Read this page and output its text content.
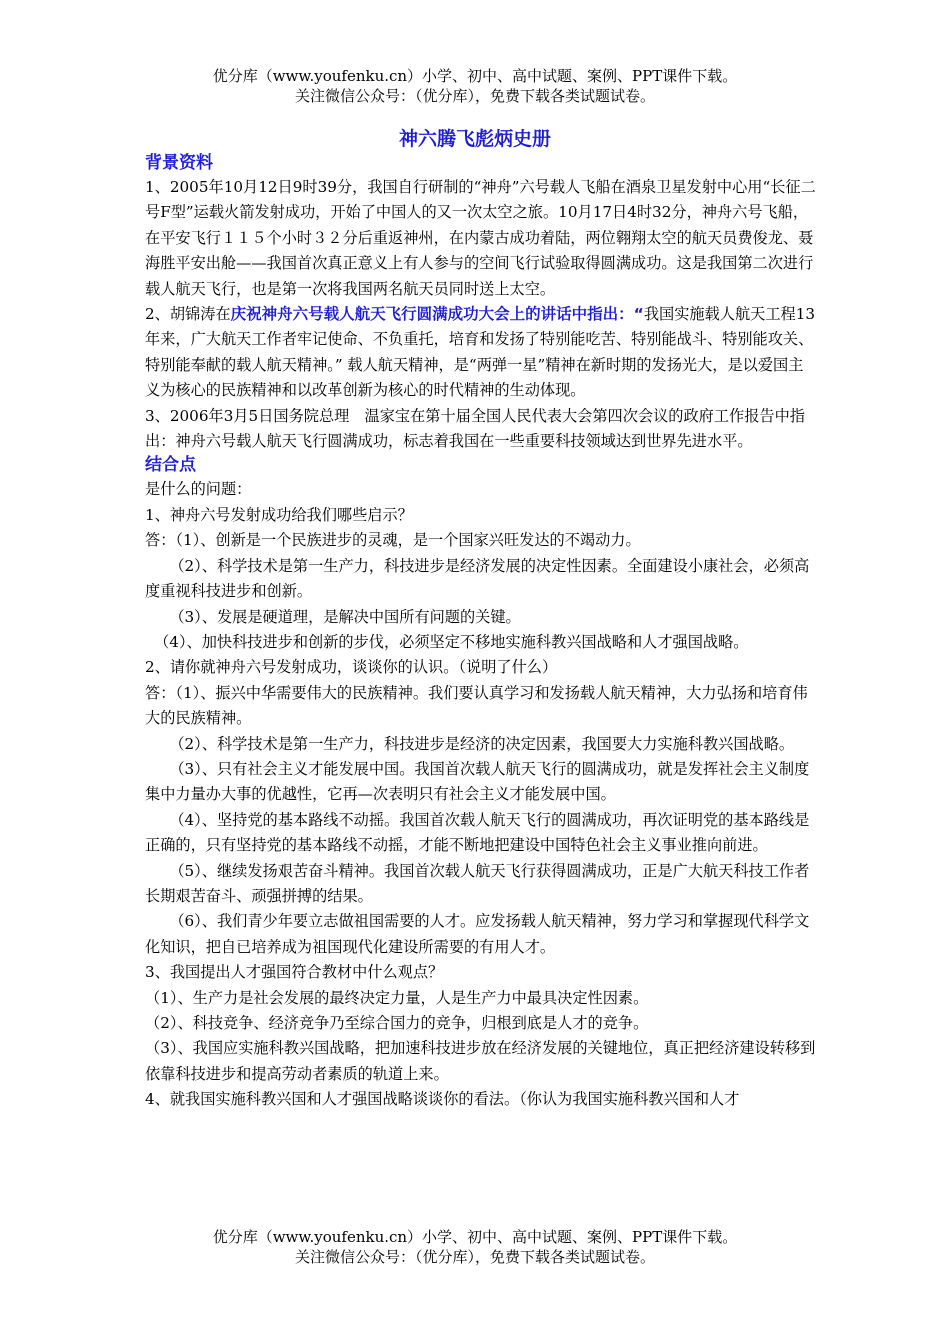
优分库（www.youfenku.cn）小学、初中、高中试题、案例、PPT课件下载。
关注微信公众号：（优分库），免费下载各类试题试卷。
神六腾飞彪炳史册

背景资料

1、2005年10月12日9时39分，我国自行研制的“神舟”六号载人飞船在酒泉卫星发射中心用“长征二号F型”运载火箭发射成功，开始了中国人的又一次太空之旅。10月17日4时32分，神舟六号飞船，在平安飞行１１５个小时３２分后重返神州，在内蒙古成功着陆，两位翱翔太空的航天员费俊龙、聂海胜平安出舱——我国首次真正意义上有人参与的空间飞行试验取得圆满成功。这是我国第二次进行载人航天飞行，也是第一次将我国两名航天员同时送上太空。

2、胡锦涛在庆祝神舟六号载人航天飞行圆满成功大会上的讲话中指出：“我国实施载人航天工程13年来，广大航天工作者牢记使命、不负重托，培育和发扬了特别能吃苦、特别能战斗、特别能攻关、特别能奉献的载人航天精神。” 载人航天精神，是“两弹一星”精神在新时期的发扬光大，是以爱国主义为核心的民族精神和以改革创新为核心的时代精神的生动体现。

3、2006年3月5日国务院总理　温家宝在第十届全国人民代表大会第四次会议的政府工作报告中指出：神舟六号载人航天飞行圆满成功，标志着我国在一些重要科技领域达到世界先进水平。

结合点

是什么的问题：

1、神舟六号发射成功给我们哪些启示？

答：（1）、创新是一个民族进步的灵魂，是一个国家兴旺发达的不竭动力。

（2）、科学技术是第一生产力，科技进步是经济发展的决定性因素。全面建设小康社会，必须高度重视科技进步和创新。

（3）、发展是硬道理，是解决中国所有问题的关键。

（4）、加快科技进步和创新的步伐，必须坚定不移地实施科教兴国战略和人才强国战略。

2、请你就神舟六号发射成功，谈谈你的认识。（说明了什么）

答：（1）、振兴中华需要伟大的民族精神。我们要认真学习和发扬载人航天精神，大力弘扬和培育伟大的民族精神。

（2）、科学技术是第一生产力，科技进步是经济的决定因素，我国要大力实施科教兴国战略。

（3）、只有社会主义才能发展中国。我国首次载人航天飞行的圆满成功，就是发挥社会主义制度集中力量办大事的优越性，它再—次表明只有社会主义才能发展中国。

（4）、坚持党的基本路线不动摇。我国首次载人航天飞行的圆满成功，再次证明党的基本路线是正确的，只有坚持党的基本路线不动摇，才能不断地把建设中国特色社会主义事业推向前进。

（5）、继续发扬艰苦奋斗精神。我国首次载人航天飞行获得圆满成功，正是广大航天科技工作者长期艰苦奋斗、顽强拼搏的结果。

（6）、我们青少年要立志做祖国需要的人才。应发扬载人航天精神，努力学习和掌握现代科学文化知识，把自已培养成为祖国现代化建设所需要的有用人才。

3、我国提出人才强国符合教材中什么观点？

（1）、生产力是社会发展的最终决定力量，人是生产力中最具决定性因素。

（2）、科技竞争、经济竞争乃至综合国力的竞争，归根到底是人才的竞争。

（3）、我国应实施科教兴国战略，把加速科技进步放在经济发展的关键地位，真正把经济建设转移到依靠科技进步和提高劳动者素质的轨道上来。

4、就我国实施科教兴国和人才强国战略谈谈你的看法。（你认为我国实施科教兴国和人才

优分库（www.youfenku.cn）小学、初中、高中试题、案例、PPT课件下载。
关注微信公众号：（优分库），免费下载各类试题试卷。
